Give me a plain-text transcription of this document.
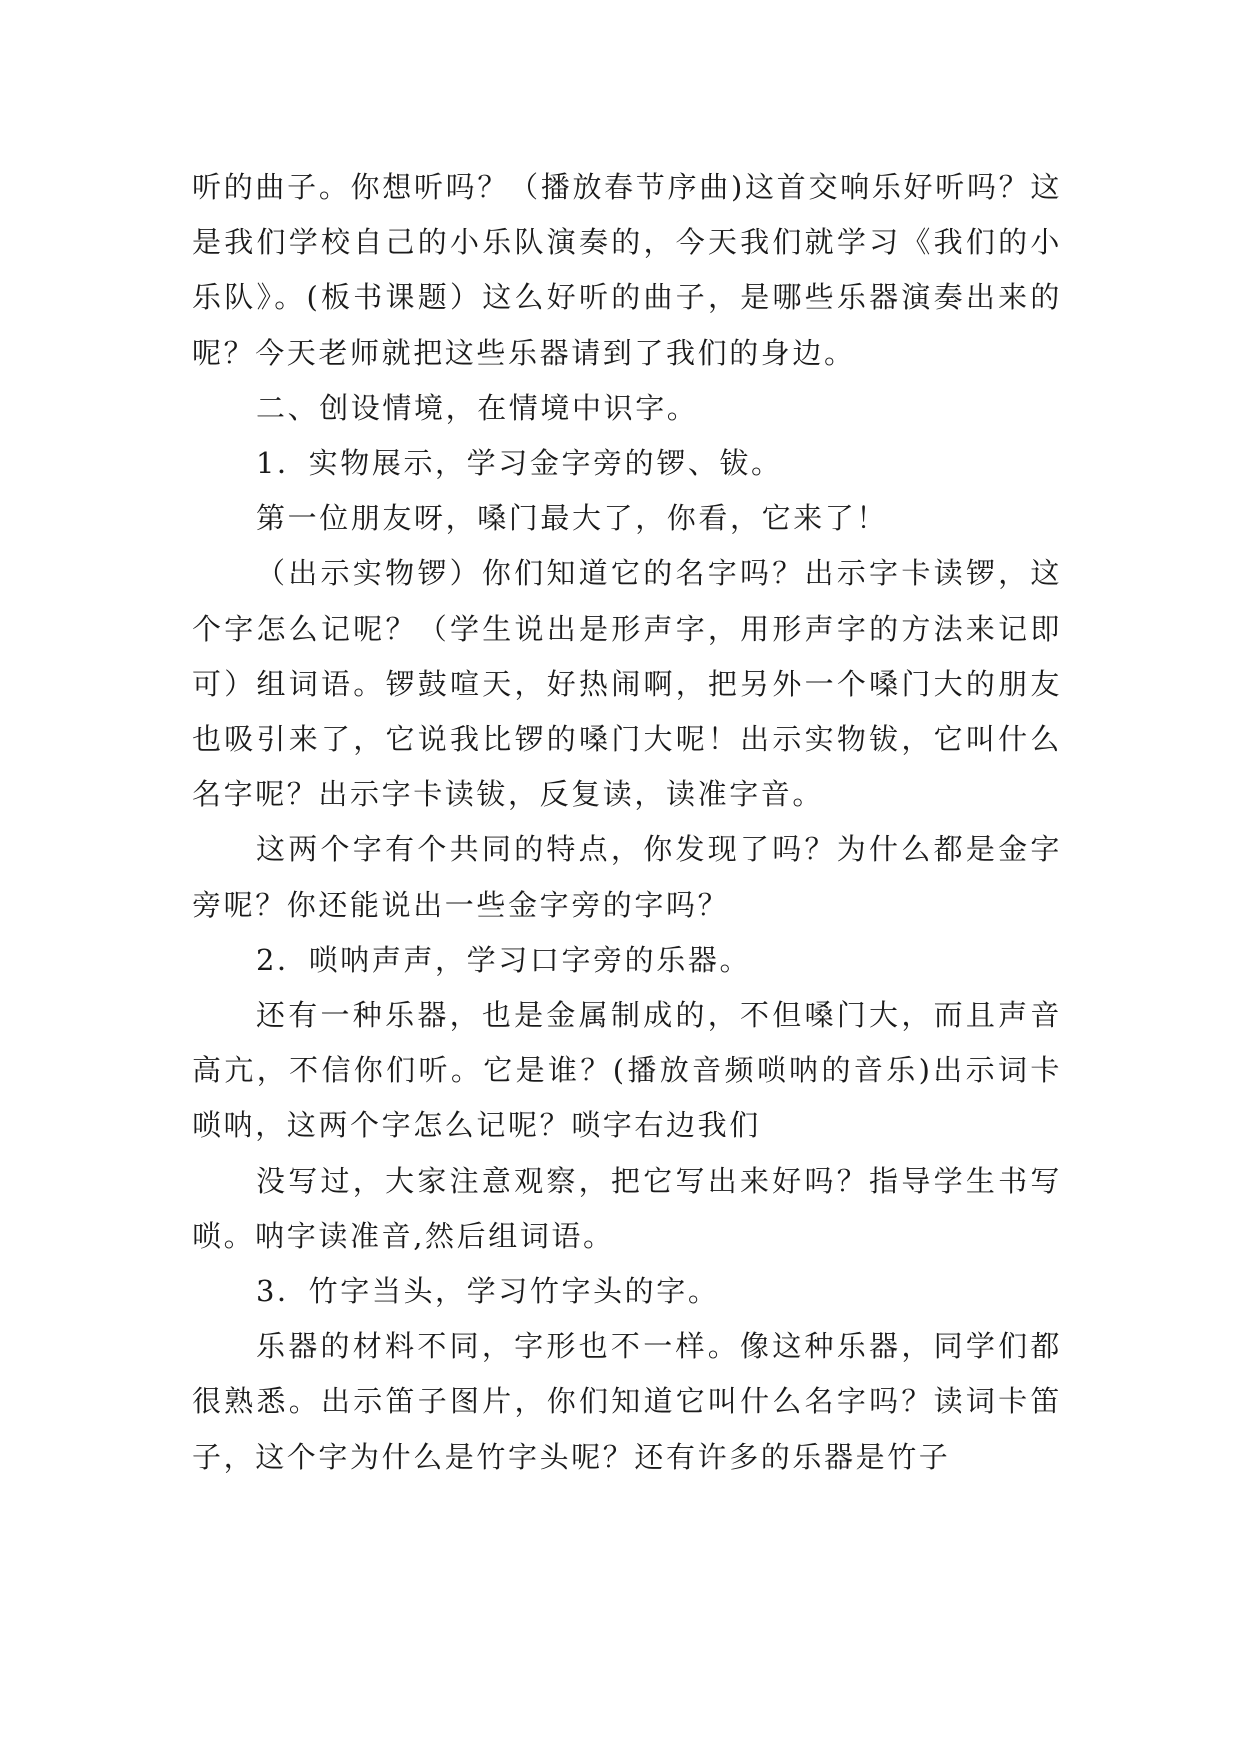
听的曲子。你想听吗？（播放春节序曲)这首交响乐好听吗？这是我们学校自己的小乐队演奏的，今天我们就学习《我们的小乐队》。(板书课题）这么好听的曲子，是哪些乐器演奏出来的呢？今天老师就把这些乐器请到了我们的身边。

二、创设情境，在情境中识字。

1．实物展示，学习金字旁的锣、钹。

第一位朋友呀，嗓门最大了，你看，它来了！

（出示实物锣）你们知道它的名字吗？出示字卡读锣，这个字怎么记呢？（学生说出是形声字，用形声字的方法来记即可）组词语。锣鼓喧天，好热闹啊，把另外一个嗓门大的朋友也吸引来了，它说我比锣的嗓门大呢！出示实物钹，它叫什么名字呢？出示字卡读钹，反复读，读准字音。

这两个字有个共同的特点，你发现了吗？为什么都是金字旁呢？你还能说出一些金字旁的字吗？

2．唢呐声声，学习口字旁的乐器。

还有一种乐器，也是金属制成的，不但嗓门大，而且声音高亢，不信你们听。它是谁？(播放音频唢呐的音乐)出示词卡唢呐，这两个字怎么记呢？唢字右边我们

没写过，大家注意观察，把它写出来好吗？指导学生书写唢。呐字读准音,然后组词语。

3．竹字当头，学习竹字头的字。

乐器的材料不同，字形也不一样。像这种乐器，同学们都很熟悉。出示笛子图片，你们知道它叫什么名字吗？读词卡笛子，这个字为什么是竹字头呢？还有许多的乐器是竹子
